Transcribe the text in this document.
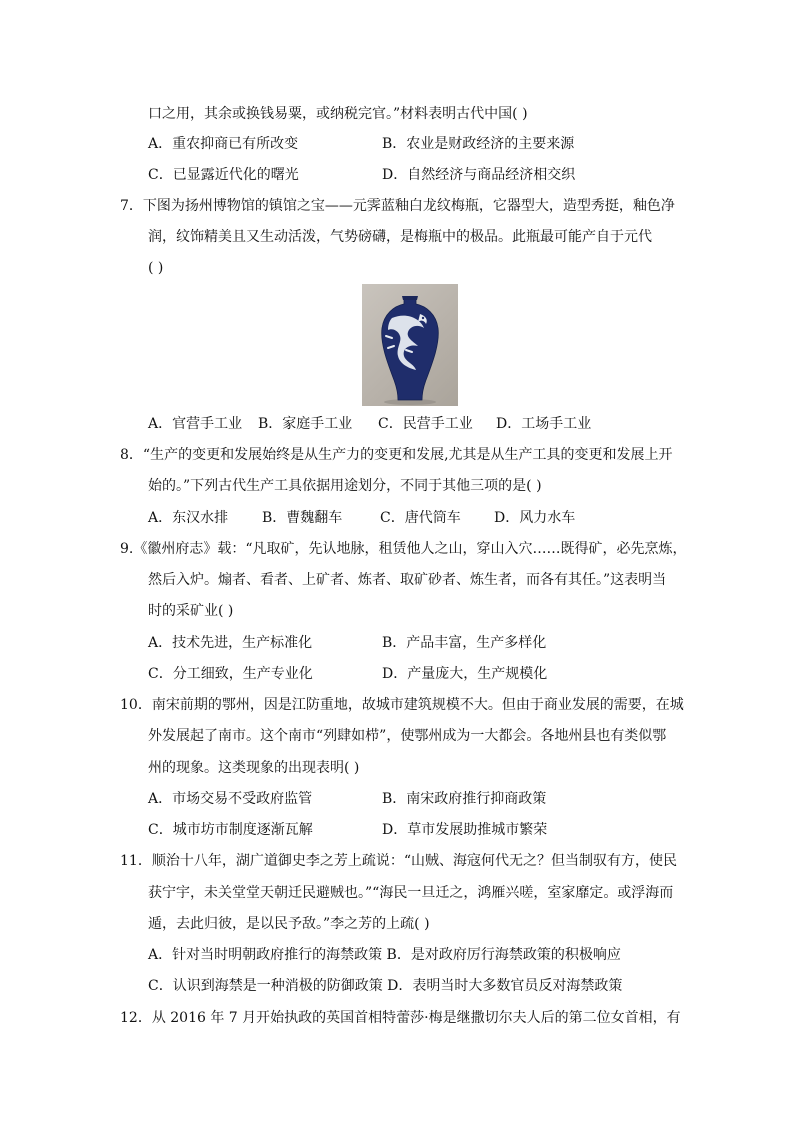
口之用，其余或换钱易粟，或纳税完官。”材料表明古代中国( )
A．重农抑商已有所改变	B．农业是财政经济的主要来源
C．已显露近代化的曙光	D．自然经济与商品经济相交织
7．下图为扬州博物馆的镇馆之宝——元霁蓝釉白龙纹梅瓶，它器型大，造型秀挺，釉色净
润，纹饰精美且又生动活泼，气势磅礴，是梅瓶中的极品。此瓶最可能产自于元代
( )
A．官营手工业 B．家庭手工业 C．民营手工业 D．工场手工业
8．“生产的变更和发展始终是从生产力的变更和发展,尤其是从生产工具的变更和发展上开
始的。”下列古代生产工具依据用途划分，不同于其他三项的是( )
A．东汉水排 B．曹魏翻车	C．唐代筒车 D．风力水车
9.《徽州府志》载：“凡取矿，先认地脉，租赁他人之山，穿山入穴……既得矿，必先烹炼，
然后入炉。煽者、看者、上矿者、炼者、取矿砂者、炼生者，而各有其任。”这表明当
时的采矿业( )
A．技术先进，生产标准化	B．产品丰富，生产多样化
C．分工细致，生产专业化	D．产量庞大，生产规模化
10．南宋前期的鄂州，因是江防重地，故城市建筑规模不大。但由于商业发展的需要，在城
外发展起了南市。这个南市“列肆如栉”，使鄂州成为一大都会。各地州县也有类似鄂
州的现象。这类现象的出现表明( )
A．市场交易不受政府监管	B．南宋政府推行抑商政策
C．城市坊市制度逐渐瓦解	D．草市发展助推城市繁荣
11．顺治十八年，湖广道御史李之芳上疏说：“山贼、海寇何代无之？但当制驭有方，使民
获宁宇，未关堂堂天朝迁民避贼也。”“海民一旦迁之，鸿雁兴嗟，室家靡定。或浮海而
遁，去此归彼，是以民予敌。”李之芳的上疏( )
A．针对当时明朝政府推行的海禁政策 B．是对政府厉行海禁政策的积极响应
C．认识到海禁是一种消极的防御政策 D．表明当时大多数官员反对海禁政策
12．从 2016 年 7 月开始执政的英国首相特蕾莎·梅是继撒切尔夫人后的第二位女首相，有
